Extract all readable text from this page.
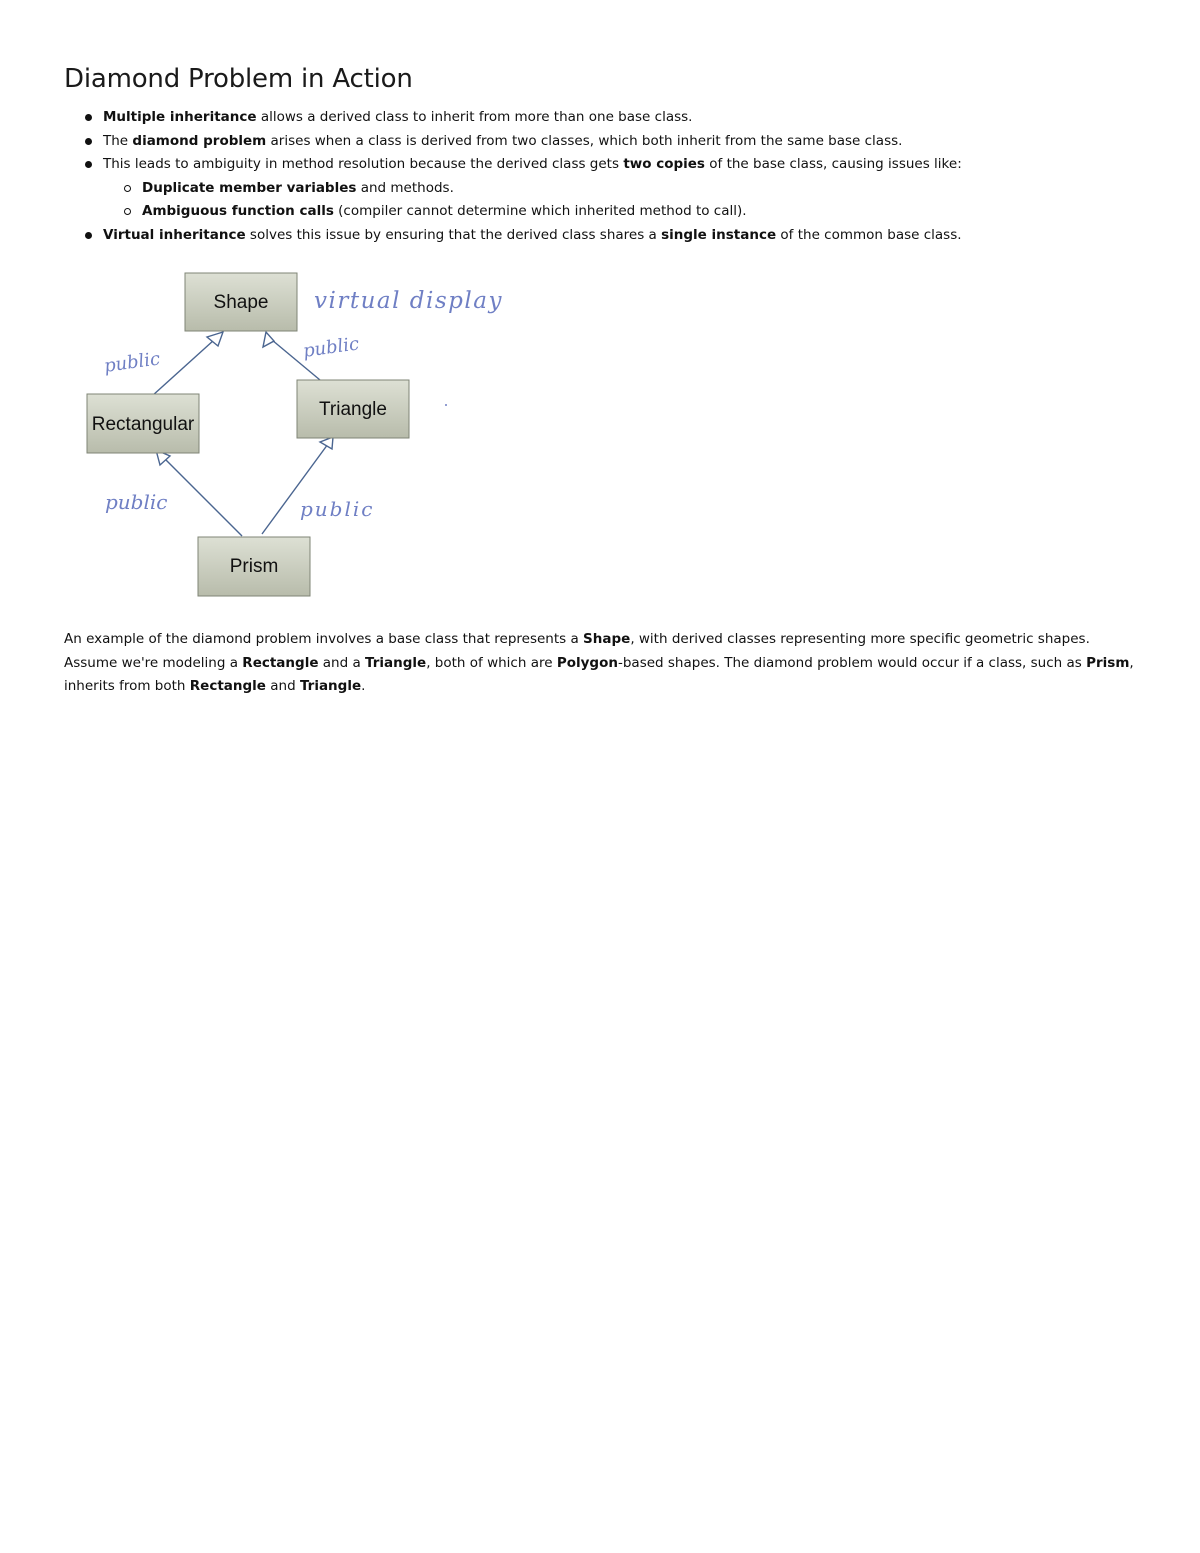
Diamond Problem in Action
Multiple inheritance allows a derived class to inherit from more than one base class.
The diamond problem arises when a class is derived from two classes, which both inherit from the same base class.
This leads to ambiguity in method resolution because the derived class gets two copies of the base class, causing issues like:
Duplicate member variables and methods.
Ambiguous function calls (compiler cannot determine which inherited method to call).
Virtual inheritance solves this issue by ensuring that the derived class shares a single instance of the common base class.
Shape
Rectangular
Triangle
Prism
virtual display
public
public
public	public

An example of the diamond problem involves a base class that represents a Shape, with derived classes representing more specific geometric shapes. Assume we're modeling a Rectangle and a Triangle, both of which are Polygon-based shapes. The diamond problem would occur if a class, such as Prism, inherits from both Rectangle and Triangle.
